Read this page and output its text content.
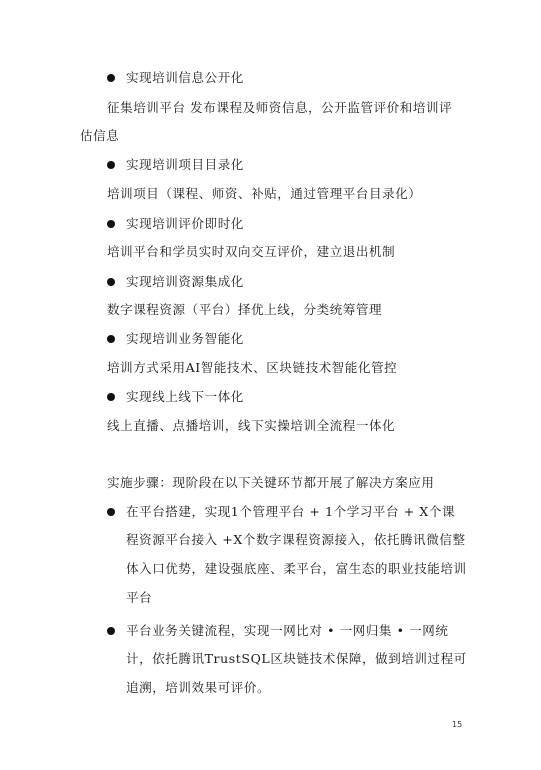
实现培训信息公开化
征集培训平台 发布课程及师资信息，公开监管评价和培训评
估信息
实现培训项目目录化
培训项目（课程、师资、补贴，通过管理平台目录化）
实现培训评价即时化
培训平台和学员实时双向交互评价，建立退出机制
实现培训资源集成化
数字课程资源（平台）择优上线，分类统筹管理
实现培训业务智能化
培训方式采用AI智能技术、区块链技术智能化管控
实现线上线下一体化
线上直播、点播培训，线下实操培训全流程一体化
实施步骤：现阶段在以下关键环节都开展了解决方案应用
在平台搭建，实现1个管理平台 + 1个学习平台 + X个课
程资源平台接入 +X个数字课程资源接入，依托腾讯微信整
体入口优势，建设强底座、柔平台，富生态的职业技能培训
平台
平台业务关键流程，实现一网比对 • 一网归集 • 一网统
计，依托腾讯TrustSQL区块链技术保障，做到培训过程可
追溯，培训效果可评价。
15
